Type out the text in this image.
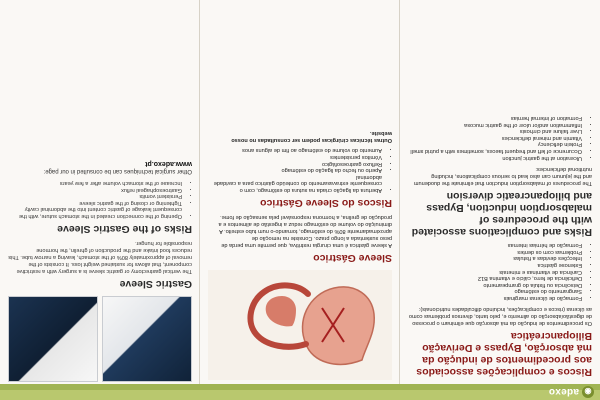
◉
adexo
Riscos e complicações associados aos procedimentos de indução da má absorção, Bypass e Derivação Biliopancreática

Os procedimentos de indução da má absorção que eliminam o processo de digestão/absorção do alimento e, pelo tanto, diversos problemas como as úlceras (riscos e complicações, incluindo dificuldades nutricionais):

• Formação de úlceras marginais
• Sangramento do estômago
• Deiscência ou fístula do grampeamento
• Deficiência de ferro, cálcio e vitamina B12
• Carência de vitaminas e minerais
• Estenose gástrica
• Infecções devidas a fístulas
• Problemas com os dentes
• Formação de hérnias internas
Risks and complications associated with the procedures of malabsorption induction, Bypass and biliopancreatic diversion

The procedures of malabsorption induction that eliminate the duodenum and the jejunum can also lead to serious complications, including nutritional deficiencies:

• Ulceration at the gastric junction
• Occurrence of left and frequent faeces, sometimes with a putrid smell
• Protein deficiency
• Vitamin and mineral deficiencies
• Liver failure and cirrhosis
• Inflammation and/or ulcer of the gastric mucosa
• Formation of internal hernias
Sleeve Gástrico

A sleeve gástrica é uma cirurgia restritiva, que permite uma perda de peso sustentada a longo prazo. Consiste na remoção de aproximadamente 80% do estômago, tornando-o num tubo estreito. A diminuição do volume do estômago reduz a ingestão de alimentos e a produção de grelina, a hormona responsável pela sensação de fome.

Riscos do Sleeve Gástrico
• Abertura da ligação criada na sutura do estômago, com o consequente extravasamento do conteúdo gástrico para a cavidade abdominal
• Aperto ou fecho da ligação do estômago
• Refluxo gastroesofágico
• Vómitos persistentes
• Aumento do volume do estômago ao fim de alguns anos

Outras técnicas cirúrgicas podem ser consultadas no nosso website.

Gastric Sleeve

The vertical gastrectomy or gastric sleeve is a surgery with a restrictive component, that allows for sustained weight loss. It consists of the removal of approximately 80% of the stomach, leaving a narrow tube. This reduces food intake and the production of ghrelin, the hormone responsible for hunger.

Risks of the Gastric Sleeve
• Opening of the connection created in the stomach suture, with the consequent leakage of gastric content into the abdominal cavity
• Tightening or closing of the gastric sleeve
• Persistent vomits
• Gastroesophageal reflux
• Increase of the stomach volume after a few years
Other surgical techniques can be consulted in our page:
www.adexo.pt
